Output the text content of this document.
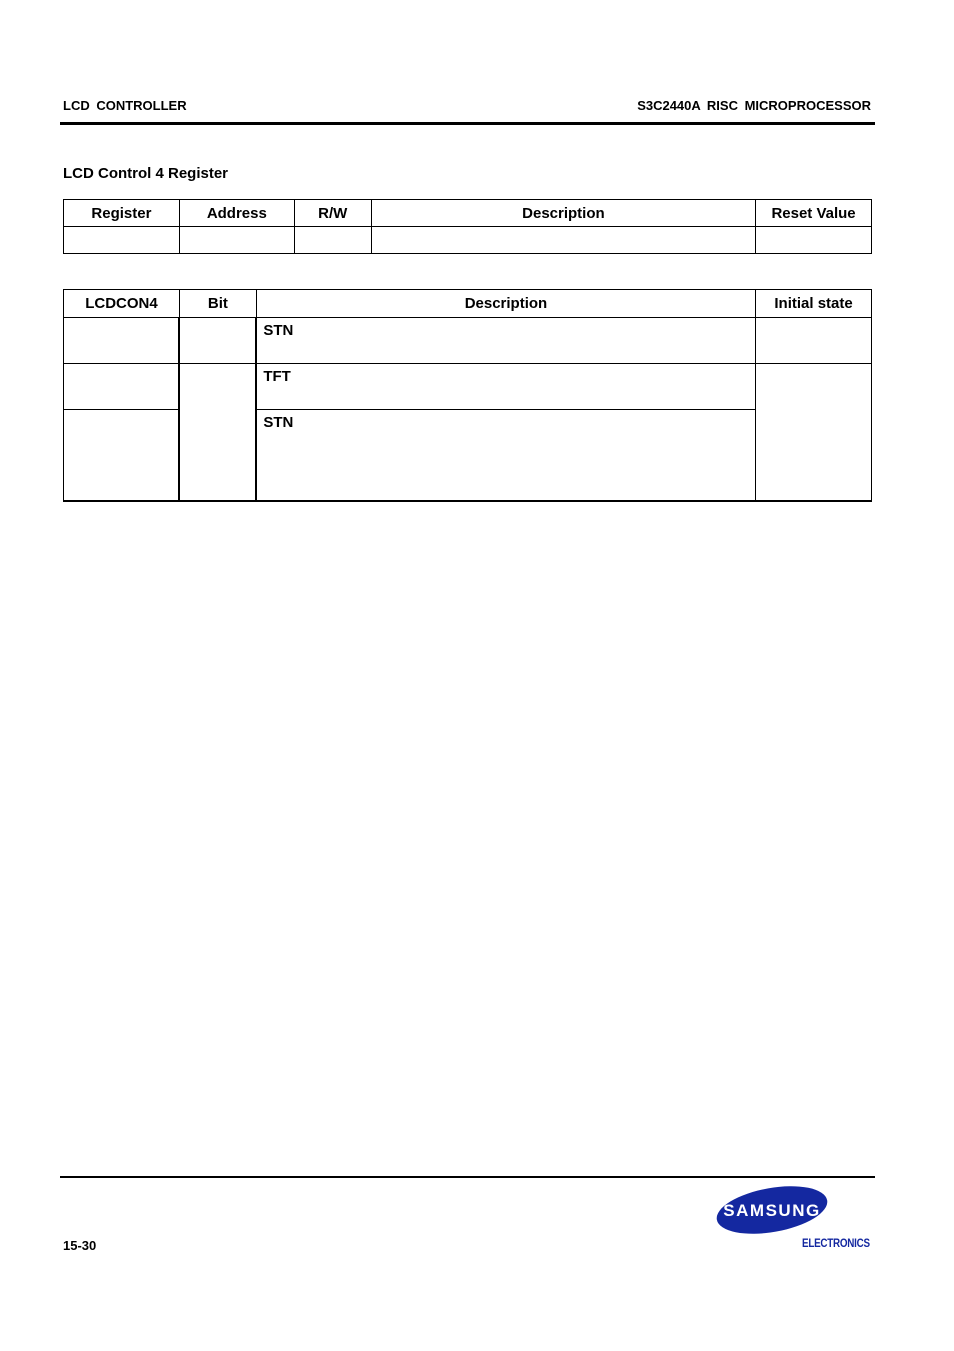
LCD CONTROLLER	S3C2440A RISC MICROPROCESSOR
LCD Control 4 Register
Register	Address	R/W	Description	Reset Value

LCDCON4	Bit	Description	Initial state
		STN	
		TFT	
		STN	
15-30
SAMSUNG
ELECTRONICS
